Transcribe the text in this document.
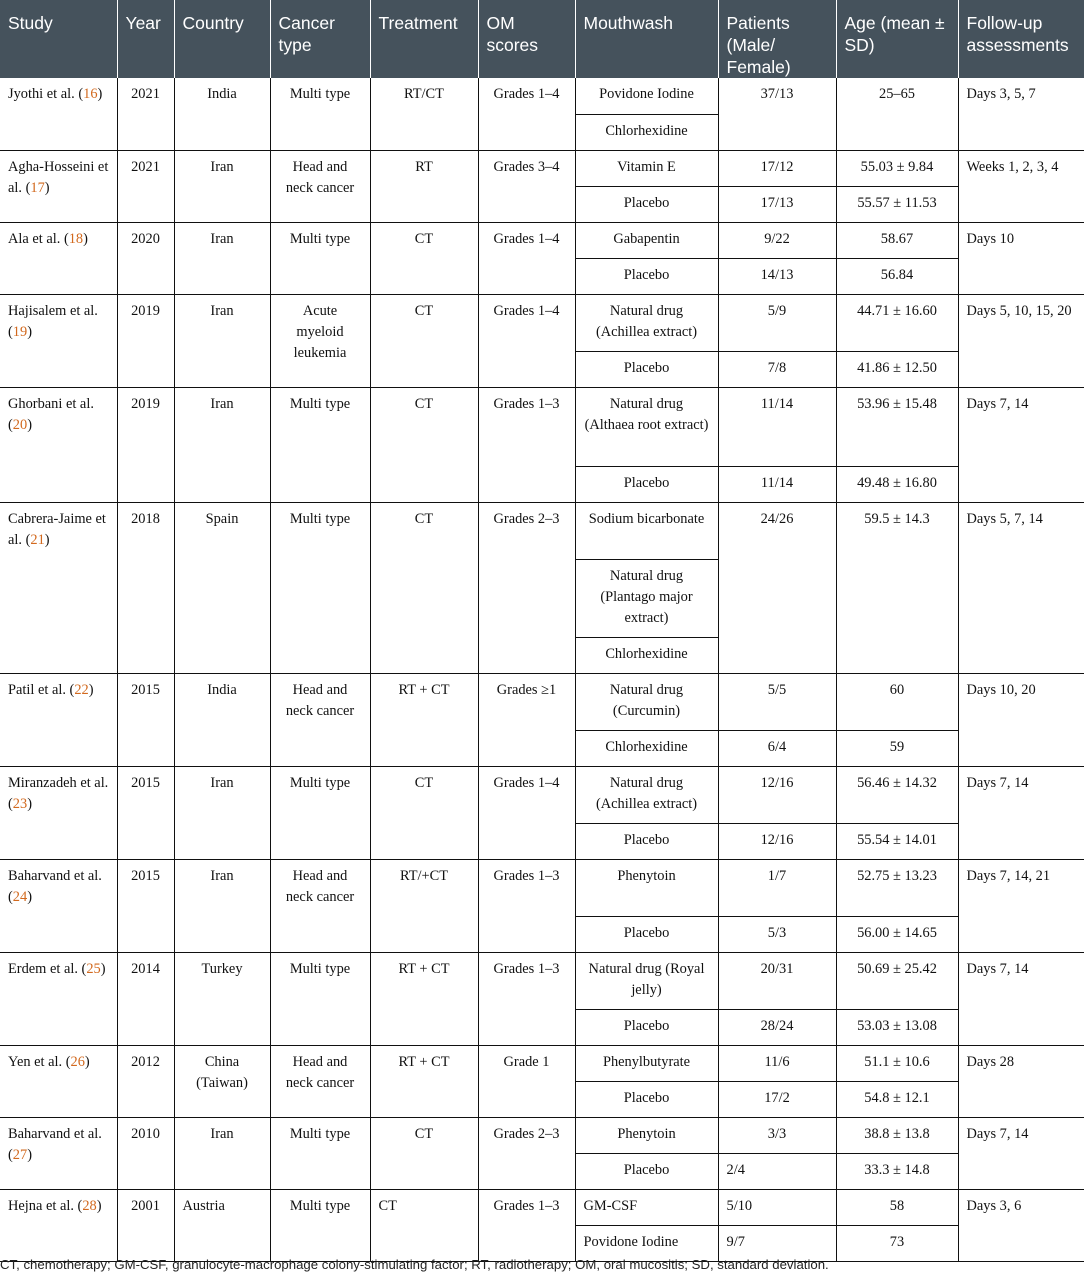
Study	Year	Country	Cancer type	Treatment	OM scores	Mouthwash	Patients (Male/ Female)	Age (mean ± SD)	Follow-up assessments
Jyothi et al. (16)	2021	India	Multi type	RT/CT	Grades 1–4	Povidone Iodine	37/13	25–65	Days 3, 5, 7
						Chlorhexidine			
Agha-Hosseini et al. (17)	2021	Iran	Head and neck cancer	RT	Grades 3–4	Vitamin E	17/12	55.03 ± 9.84	Weeks 1, 2, 3, 4
						Placebo	17/13	55.57 ± 11.53	
Ala et al. (18)	2020	Iran	Multi type	CT	Grades 1–4	Gabapentin	9/22	58.67	Days 10
						Placebo	14/13	56.84	
Hajisalem et al. (19)	2019	Iran	Acute myeloid leukemia	CT	Grades 1–4	Natural drug (Achillea extract)	5/9	44.71 ± 16.60	Days 5, 10, 15, 20
						Placebo	7/8	41.86 ± 12.50	
Ghorbani et al. (20)	2019	Iran	Multi type	CT	Grades 1–3	Natural drug (Althaea root extract)	11/14	53.96 ± 15.48	Days 7, 14
						Placebo	11/14	49.48 ± 16.80	
Cabrera-Jaime et al. (21)	2018	Spain	Multi type	CT	Grades 2–3	Sodium bicarbonate	24/26	59.5 ± 14.3	Days 5, 7, 14
						Natural drug (Plantago major extract)			
						Chlorhexidine			
Patil et al. (22)	2015	India	Head and neck cancer	RT + CT	Grades ≥1	Natural drug (Curcumin)	5/5	60	Days 10, 20
						Chlorhexidine	6/4	59	
Miranzadeh et al. (23)	2015	Iran	Multi type	CT	Grades 1–4	Natural drug (Achillea extract)	12/16	56.46 ± 14.32	Days 7, 14
						Placebo	12/16	55.54 ± 14.01	
Baharvand et al. (24)	2015	Iran	Head and neck cancer	RT/+CT	Grades 1–3	Phenytoin	1/7	52.75 ± 13.23	Days 7, 14, 21
						Placebo	5/3	56.00 ± 14.65	
Erdem et al. (25)	2014	Turkey	Multi type	RT + CT	Grades 1–3	Natural drug (Royal jelly)	20/31	50.69 ± 25.42	Days 7, 14
						Placebo	28/24	53.03 ± 13.08	
Yen et al. (26)	2012	China (Taiwan)	Head and neck cancer	RT + CT	Grade 1	Phenylbutyrate	11/6	51.1 ± 10.6	Days 28
						Placebo	17/2	54.8 ± 12.1	
Baharvand et al. (27)	2010	Iran	Multi type	CT	Grades 2–3	Phenytoin	3/3	38.8 ± 13.8	Days 7, 14
						Placebo	2/4	33.3 ± 14.8	
Hejna et al. (28)	2001	Austria	Multi type	CT	Grades 1–3	GM-CSF	5/10	58	Days 3, 6
						Povidone Iodine	9/7	73	
CT, chemotherapy; GM-CSF, granulocyte-macrophage colony-stimulating factor; RT, radiotherapy; OM, oral mucositis; SD, standard deviation.
